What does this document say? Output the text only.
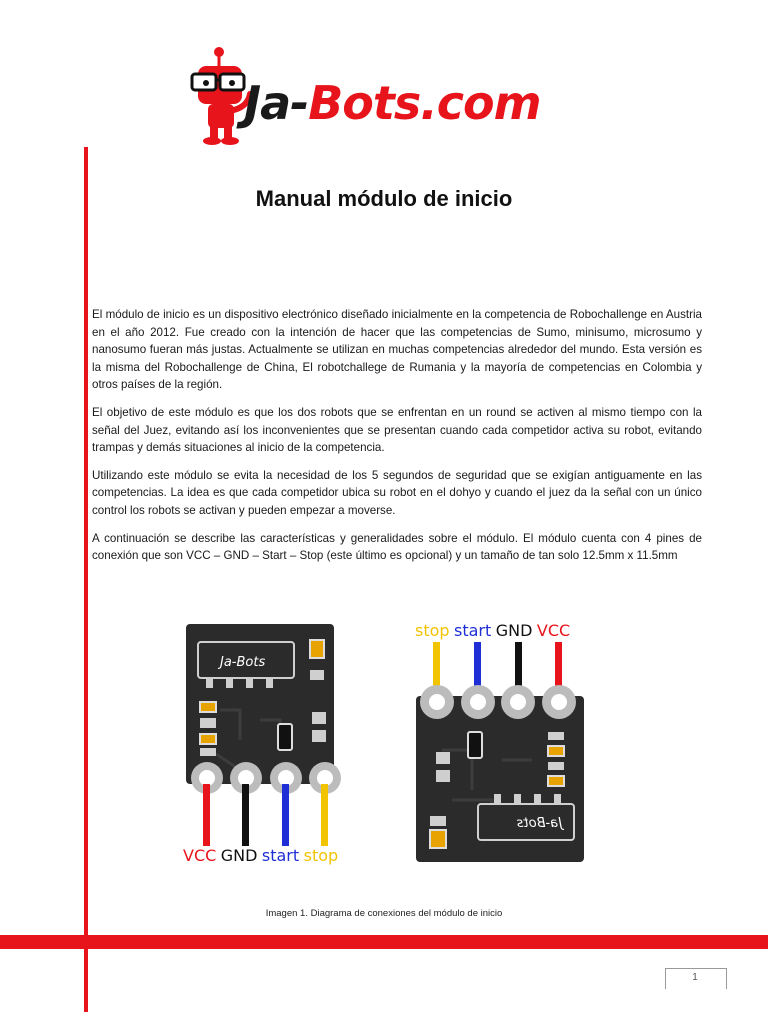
Ja-Bots.com
Manual módulo de inicio

El módulo de inicio es un dispositivo electrónico diseñado inicialmente en la competencia de Robochallenge en Austria en el año 2012. Fue creado con la intención de hacer que las competencias de Sumo, minisumo, microsumo y nanosumo fueran más justas. Actualmente se utilizan en muchas competencias alrededor del mundo. Esta versión es la misma del Robochallenge de China, El robotchallege de Rumania y la mayoría de competencias en Colombia y otros países de la región.

El objetivo de este módulo es que los dos robots que se enfrentan en un round se activen al mismo tiempo con la señal del Juez, evitando así los inconvenientes que se presentan cuando cada competidor activa su robot, evitando trampas y demás situaciones al inicio de la competencia.

Utilizando este módulo se evita la necesidad de los 5 segundos de seguridad que se exigían antiguamente en las competencias. La idea es que cada competidor ubica su robot en el dohyo y cuando el juez da la señal con un único control los robots se activan y pueden empezar a moverse.

A continuación se describe las características y generalidades sobre el módulo. El módulo cuenta con 4 pines de conexión que son VCC – GND – Start – Stop (este último es opcional) y un tamaño de tan solo 12.5mm x 11.5mm

Ja-Bots
VCC GND start stop
stop start GND VCC
Ja-Bots
Imagen 1. Diagrama de conexiones del módulo de inicio
1
